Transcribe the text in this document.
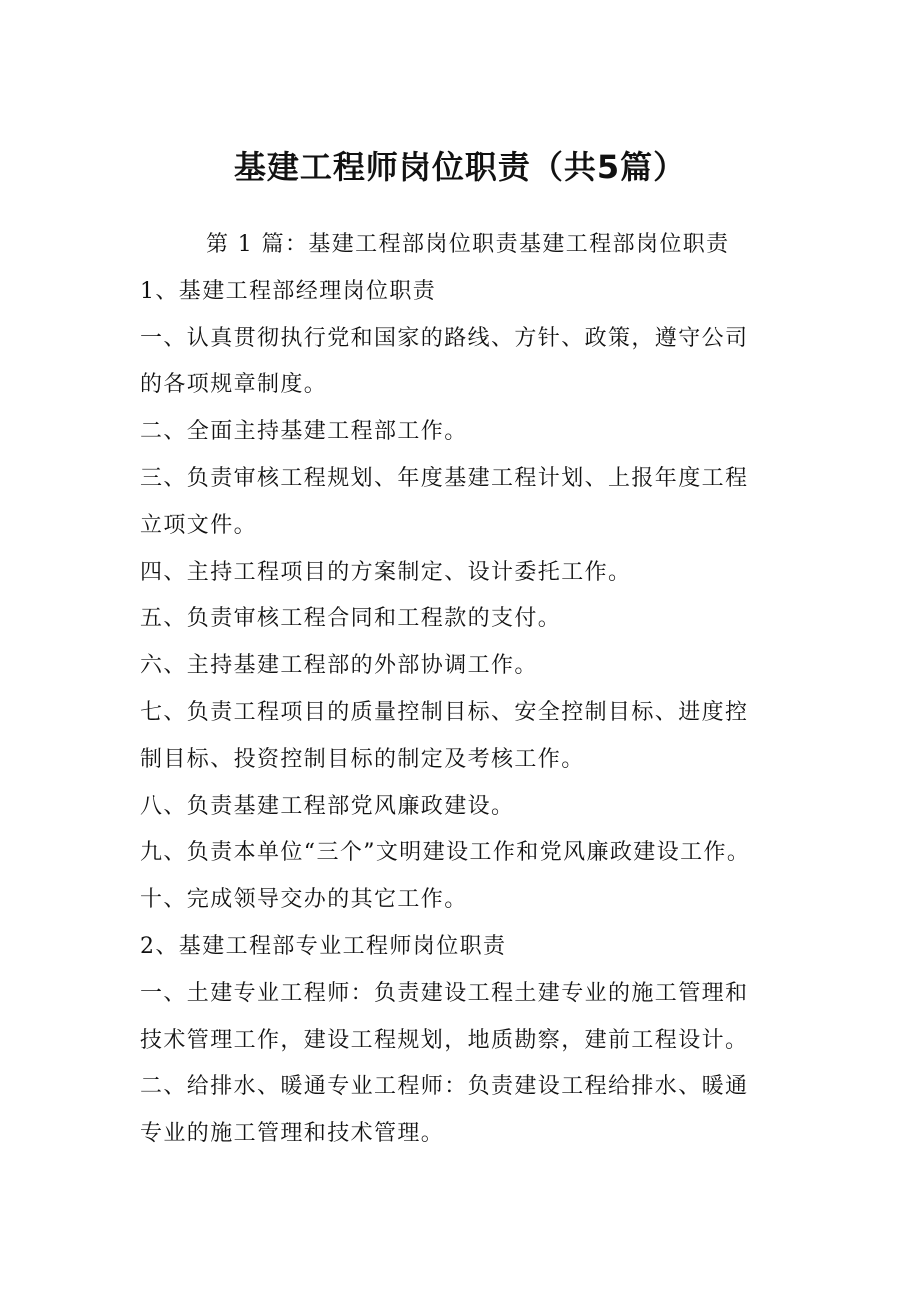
基建工程师岗位职责（共5篇）

第 1 篇：基建工程部岗位职责基建工程部岗位职责

1、基建工程部经理岗位职责

一、认真贯彻执行党和国家的路线、方针、政策，遵守公司

的各项规章制度。

二、全面主持基建工程部工作。

三、负责审核工程规划、年度基建工程计划、上报年度工程

立项文件。

四、主持工程项目的方案制定、设计委托工作。

五、负责审核工程合同和工程款的支付。

六、主持基建工程部的外部协调工作。

七、负责工程项目的质量控制目标、安全控制目标、进度控

制目标、投资控制目标的制定及考核工作。

八、负责基建工程部党风廉政建设。

九、负责本单位“三个”文明建设工作和党风廉政建设工作。

十、完成领导交办的其它工作。

2、基建工程部专业工程师岗位职责

一、土建专业工程师：负责建设工程土建专业的施工管理和

技术管理工作，建设工程规划，地质勘察，建前工程设计。

二、给排水、暖通专业工程师：负责建设工程给排水、暖通

专业的施工管理和技术管理。
